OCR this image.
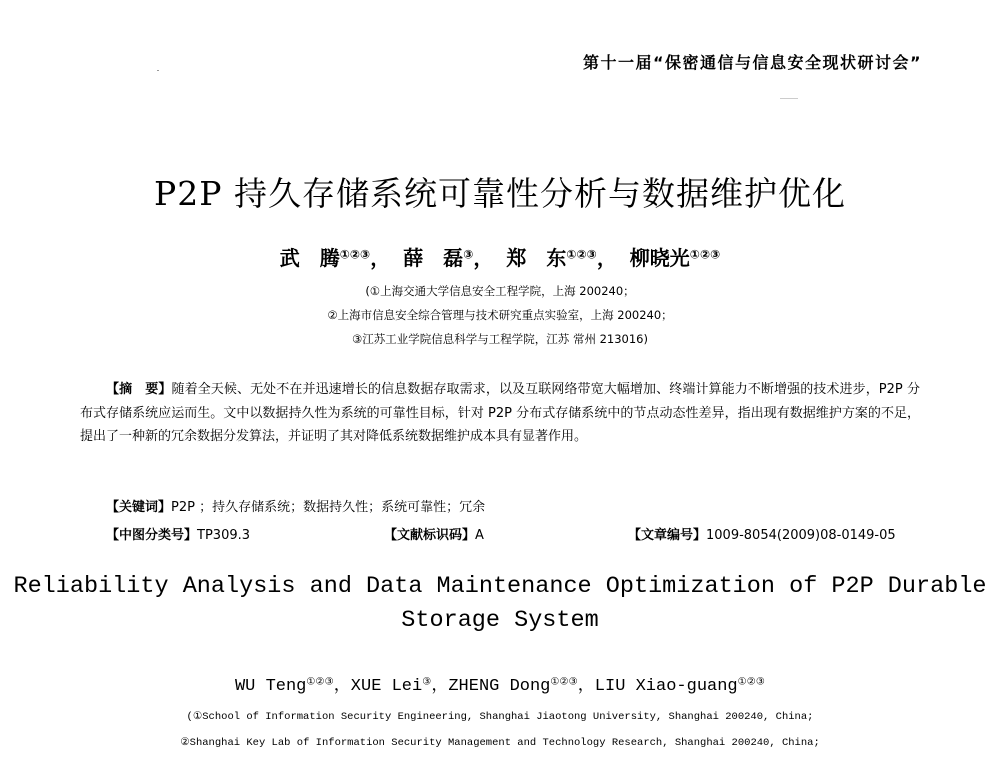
第十一届“保密通信与信息安全现状研讨会”
P2P 持久存储系统可靠性分析与数据维护优化
武　腾①②③， 薛　磊③， 郑　东①②③， 柳晓光①②③
(①上海交通大学信息安全工程学院，上海 200240；
②上海市信息安全综合管理与技术研究重点实验室，上海 200240；
③江苏工业学院信息科学与工程学院，江苏 常州 213016)
【摘　要】随着全天候、无处不在并迅速增长的信息数据存取需求，以及互联网络带宽大幅增加、终端计算能力不断增强的技术进步，P2P 分布式存储系统应运而生。文中以数据持久性为系统的可靠性目标，针对 P2P 分布式存储系统中的节点动态性差异，指出现有数据维护方案的不足，提出了一种新的冗余数据分发算法，并证明了其对降低系统数据维护成本具有显著作用。
【关键词】P2P ；持久存储系统；数据持久性；系统可靠性；冗余
【中图分类号】TP309.3	【文献标识码】A	【文章编号】1009-8054(2009)08-0149-05
Reliability Analysis and Data Maintenance Optimization of P2P Durable Storage System
WU Teng①②③，XUE Lei③，ZHENG Dong①②③，LIU Xiao-guang①②③
(①School of Information Security Engineering, Shanghai Jiaotong University, Shanghai 200240, China;
②Shanghai Key Lab of Information Security Management and Technology Research, Shanghai 200240, China;
